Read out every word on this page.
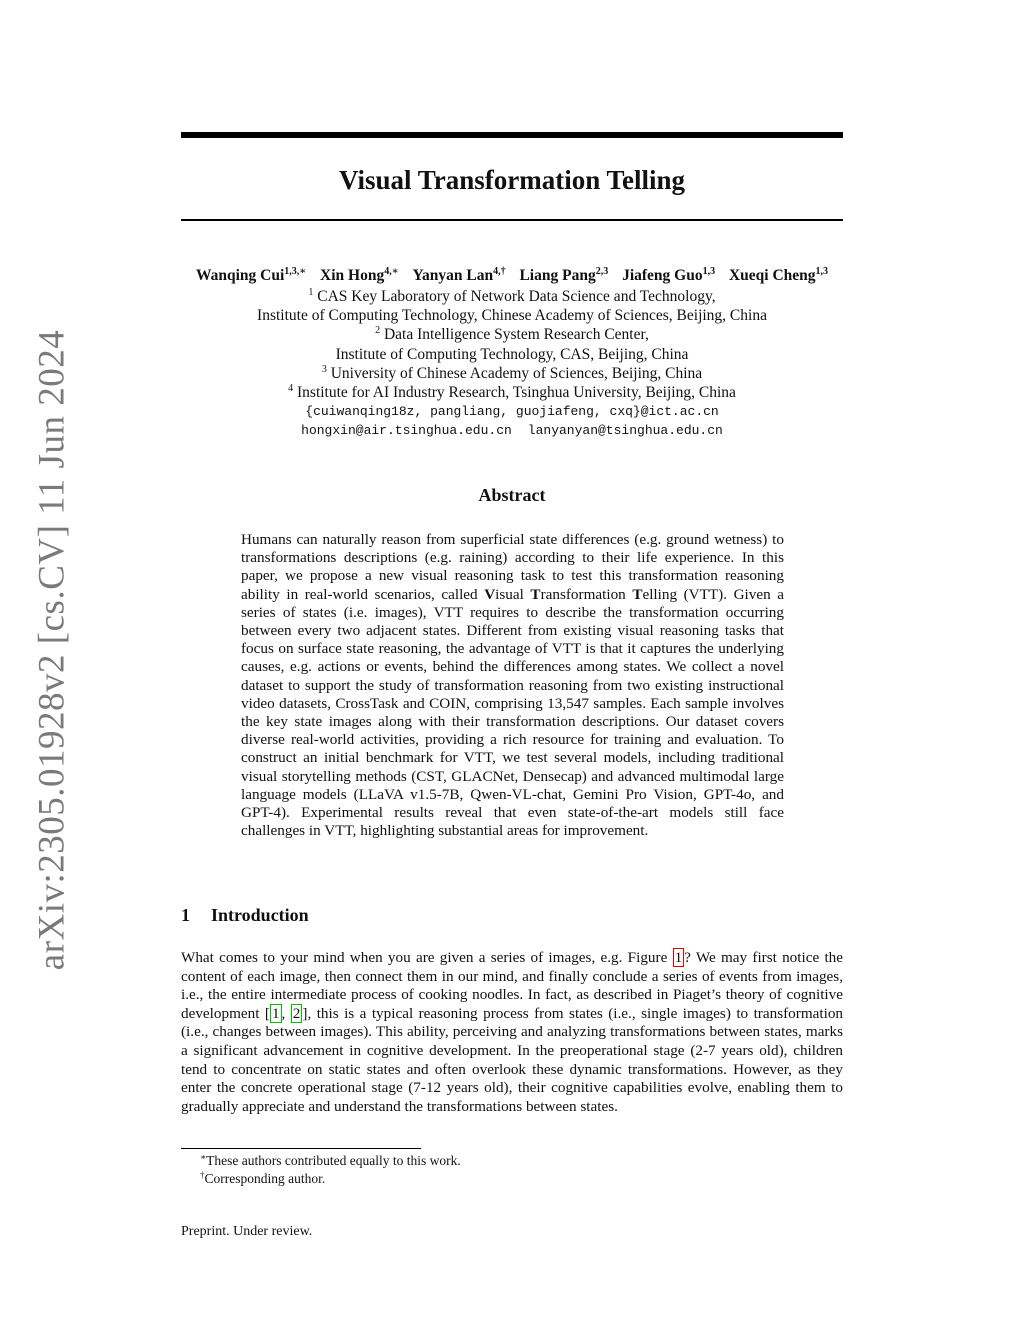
arXiv:2305.01928v2 [cs.CV] 11 Jun 2024
Visual Transformation Telling
Wanqing Cui$^{1,3,∗}$ Xin Hong$^{4,∗}$ Yanyan Lan$^{4,\dagger}$ Liang Pang$^{2,3}$ Jiafeng Guo$^{1,3}$ Xueqi Cheng$^{1,3}$
$^1$ CAS Key Laboratory of Network Data Science and Technology,
Institute of Computing Technology, Chinese Academy of Sciences, Beijing, China
$^2$ Data Intelligence System Research Center,
Institute of Computing Technology, CAS, Beijing, China
$^3$ University of Chinese Academy of Sciences, Beijing, China
$^4$ Institute for AI Industry Research, Tsinghua University, Beijing, China
{cuiwanqing18z, pangliang, guojiafeng, cxq}@ict.ac.cn
hongxin@air.tsinghua.edu.cn lanyanyan@tsinghua.edu.cn
Abstract
Humans can naturally reason from superficial state differences (e.g. ground wetness) to transformations descriptions (e.g. raining) according to their life experience. In this paper, we propose a new visual reasoning task to test this transformation reasoning ability in real-world scenarios, called Visual Transformation Telling (VTT). Given a series of states (i.e. images), VTT requires to describe the transformation occurring between every two adjacent states. Different from existing visual reasoning tasks that focus on surface state reasoning, the advantage of VTT is that it captures the underlying causes, e.g. actions or events, behind the differences among states. We collect a novel dataset to support the study of transformation reasoning from two existing instructional video datasets, CrossTask and COIN, comprising 13,547 samples. Each sample involves the key state images along with their transformation descriptions. Our dataset covers diverse real-world activities, providing a rich resource for training and evaluation. To construct an initial benchmark for VTT, we test several models, including traditional visual storytelling methods (CST, GLACNet, Densecap) and advanced multimodal large language models (LLaVA v1.5-7B, Qwen-VL-chat, Gemini Pro Vision, GPT-4o, and GPT-4). Experimental results reveal that even state-of-the-art models still face challenges in VTT, highlighting substantial areas for improvement.
1 Introduction
What comes to your mind when you are given a series of images, e.g. Figure 1 ? We may first notice the content of each image, then connect them in our mind, and finally conclude a series of events from images, i.e., the entire intermediate process of cooking noodles. In fact, as described in Piaget’s theory of cognitive development [ 1 , 2 ], this is a typical reasoning process from states (i.e., single images) to transformation (i.e., changes between images). This ability, perceiving and analyzing transformations between states, marks a significant advancement in cognitive development. In the preoperational stage (2-7 years old), children tend to concentrate on static states and often overlook these dynamic transformations. However, as they enter the concrete operational stage (7-12 years old), their cognitive capabilities evolve, enabling them to gradually appreciate and understand the transformations between states.
∗These authors contributed equally to this work.
†Corresponding author.
Preprint. Under review.
